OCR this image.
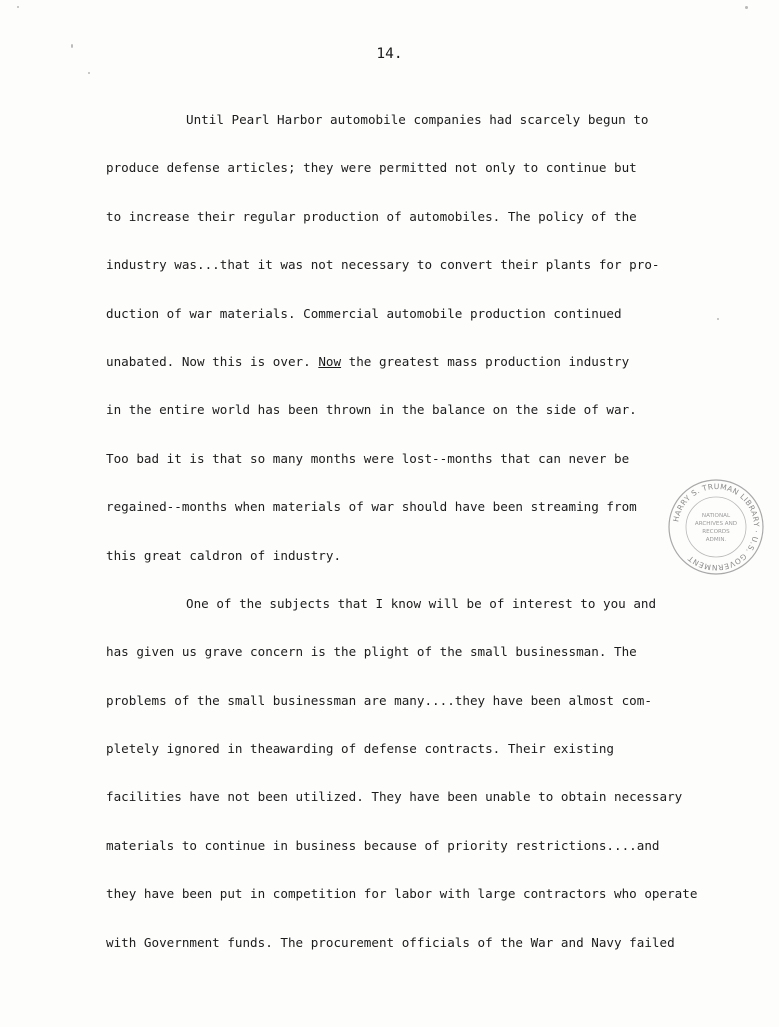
14.
Until Pearl Harbor automobile companies had scarcely begun to
produce defense articles; they were permitted not only to continue but
to increase their regular production of automobiles. The policy of the
industry was...that it was not necessary to convert their plants for pro-
duction of war materials. Commercial automobile production continued
unabated. Now this is over. Now the greatest mass production industry
in the entire world has been thrown in the balance on the side of war.
Too bad it is that so many months were lost--months that can never be
regained--months when materials of war should have been streaming from
this great caldron of industry.
One of the subjects that I know will be of interest to you and
has given us grave concern is the plight of the small businessman. The
problems of the small businessman are many....they have been almost com-
pletely ignored in theawarding of defense contracts. Their existing
facilities have not been utilized. They have been unable to obtain necessary
materials to continue in business because of priority restrictions....and
they have been put in competition for labor with large contractors who operate
with Government funds. The procurement officials of the War and Navy failed
HARRY S. TRUMAN LIBRARY · U.S. GOVERNMENT
NATIONAL
ARCHIVES AND
RECORDS
ADMIN.
